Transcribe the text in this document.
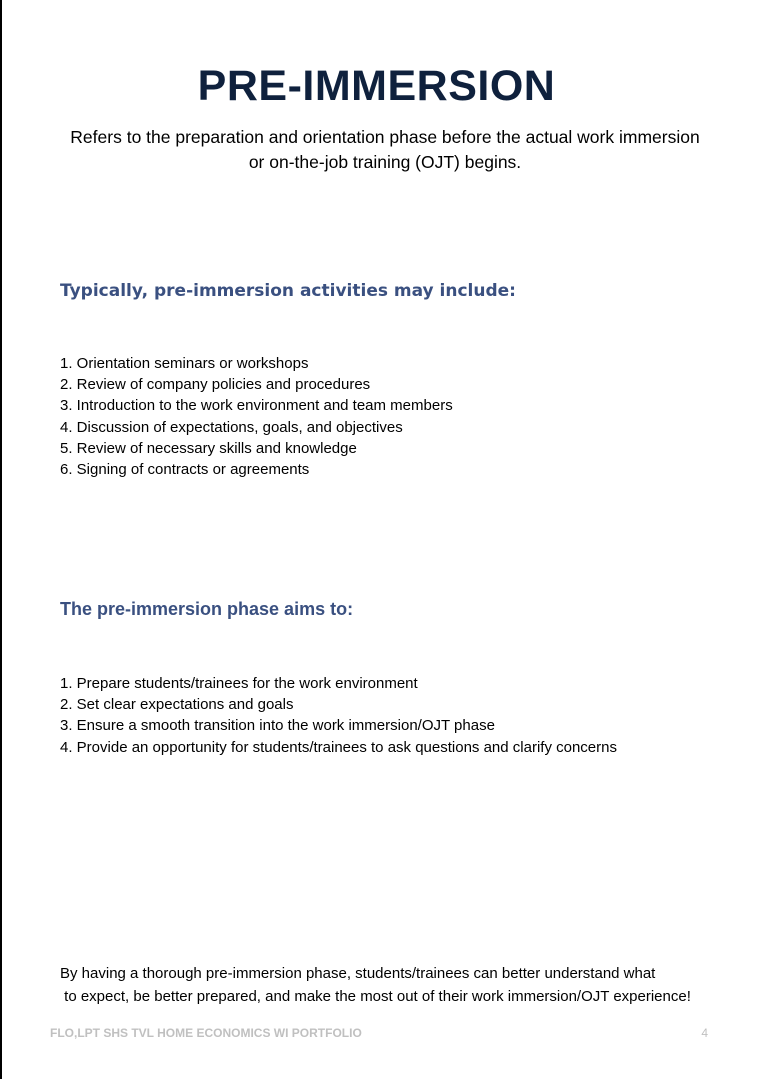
PRE-IMMERSION

Refers to the preparation and orientation phase before the actual work immersion
or on-the-job training (OJT) begins.

Typically, pre-immersion activities may include:
1. Orientation seminars or workshops
2. Review of company policies and procedures
3. Introduction to the work environment and team members
4. Discussion of expectations, goals, and objectives
5. Review of necessary skills and knowledge
6. Signing of contracts or agreements
The pre-immersion phase aims to:
1. Prepare students/trainees for the work environment
2. Set clear expectations and goals
3. Ensure a smooth transition into the work immersion/OJT phase
4. Provide an opportunity for students/trainees to ask questions and clarify concerns

By having a thorough pre-immersion phase, students/trainees can better understand what
to expect, be better prepared, and make the most out of their work immersion/OJT experience!

FLO,LPT SHS TVL HOME ECONOMICS WI PORTFOLIO	4
